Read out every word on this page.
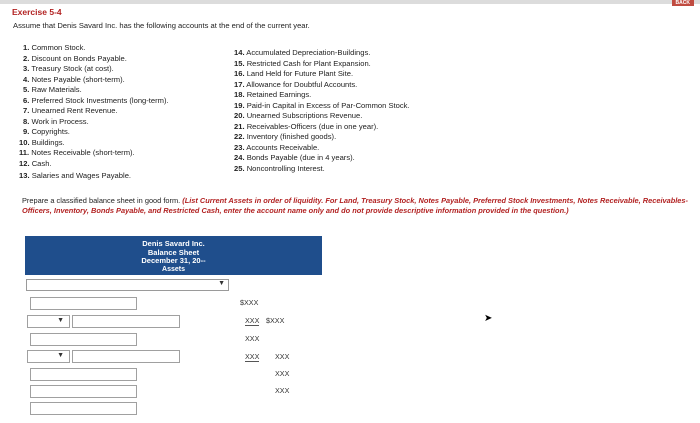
BACK
Exercise 5-4
Assume that Denis Savard Inc. has the following accounts at the end of the current year.
1. Common Stock.
2. Discount on Bonds Payable.
3. Treasury Stock (at cost).
4. Notes Payable (short-term).
5. Raw Materials.
6. Preferred Stock Investments (long-term).
7. Unearned Rent Revenue.
8. Work in Process.
9. Copyrights.
10. Buildings.
11. Notes Receivable (short-term).
12. Cash.
13. Salaries and Wages Payable.
14. Accumulated Depreciation-Buildings.
15. Restricted Cash for Plant Expansion.
16. Land Held for Future Plant Site.
17. Allowance for Doubtful Accounts.
18. Retained Earnings.
19. Paid-in Capital in Excess of Par-Common Stock.
20. Unearned Subscriptions Revenue.
21. Receivables-Officers (due in one year).
22. Inventory (finished goods).
23. Accounts Receivable.
24. Bonds Payable (due in 4 years).
25. Noncontrolling Interest.
Prepare a classified balance sheet in good form. (List Current Assets in order of liquidity. For Land, Treasury Stock, Notes Payable, Preferred Stock Investments, Notes Receivable, Receivables-Officers, Inventory, Bonds Payable, and Restricted Cash, enter the account name only and do not provide descriptive information provided in the question.)
Denis Savard Inc.
Balance Sheet
December 31, 20--
Assets
▼
$XXX
▼	XXX $XXX
XXX
▼	XXX XXX
XXX
XXX
➤
